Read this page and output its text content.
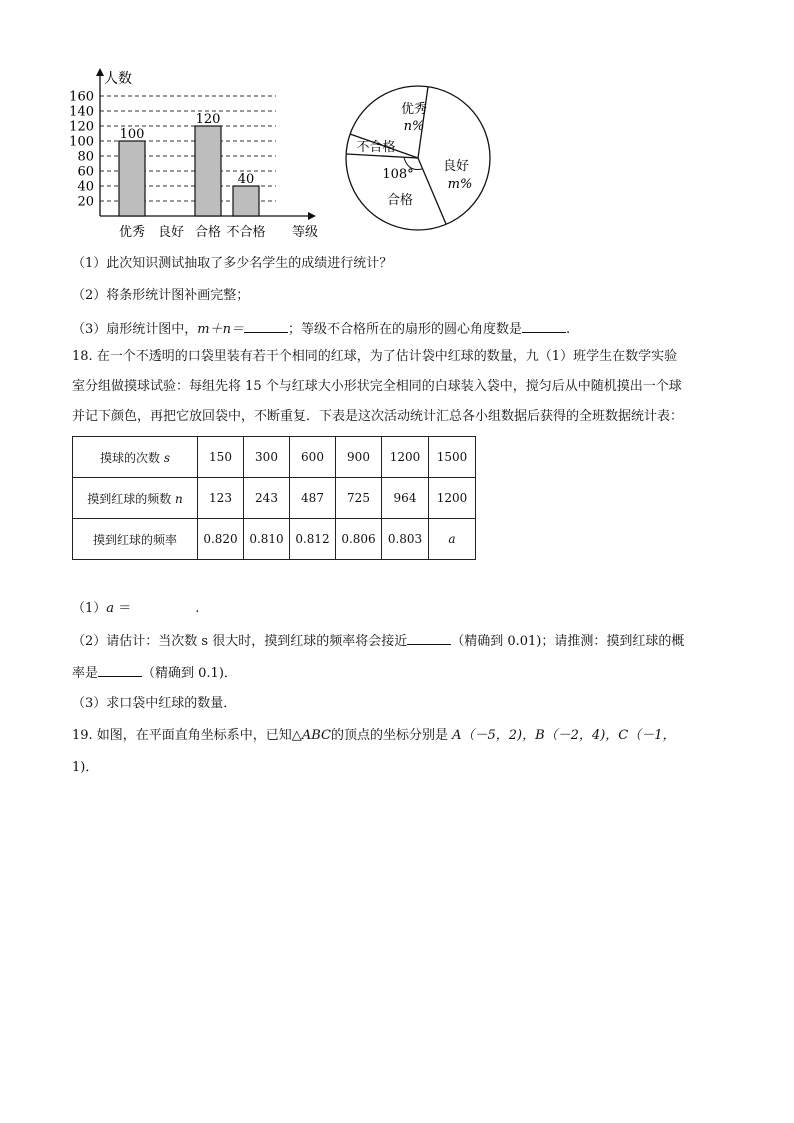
20
40
60
80
100
120
140
160
人数
100
优秀 良好
120
合格
40
不合格 等级
优秀
n%
良好
m%
不合格
108°
合格
（1）此次知识测试抽取了多少名学生的成绩进行统计？
（2）将条形统计图补画完整；
（3）扇形统计图中，m＋n＝	；等级不合格所在的扇形的圆心角度数是	.
18. 在一个不透明的口袋里装有若干个相同的红球，为了估计袋中红球的数量，九（1）班学生在数学实验
室分组做摸球试验：每组先将 15 个与红球大小形状完全相同的白球装入袋中，搅匀后从中随机摸出一个球
并记下颜色，再把它放回袋中，不断重复．下表是这次活动统计汇总各小组数据后获得的全班数据统计表：
摸球的次数 s	150	300	600	900	1200	1500
摸到红球的频数 n	123	243	487	725	964	1200
摸到红球的频率	0.820	0.810	0.812	0.806	0.803	a
（1）a ＝	.
（2）请估计：当次数 s 很大时，摸到红球的频率将会接近	（精确到 0.01)；请推测：摸到红球的概
率是	（精确到 0.1)．
（3）求口袋中红球的数量．
19. 如图，在平面直角坐标系中，已知△ABC的顶点的坐标分别是 A（－5，2)，B（－2，4)，C（－1，
1)．
